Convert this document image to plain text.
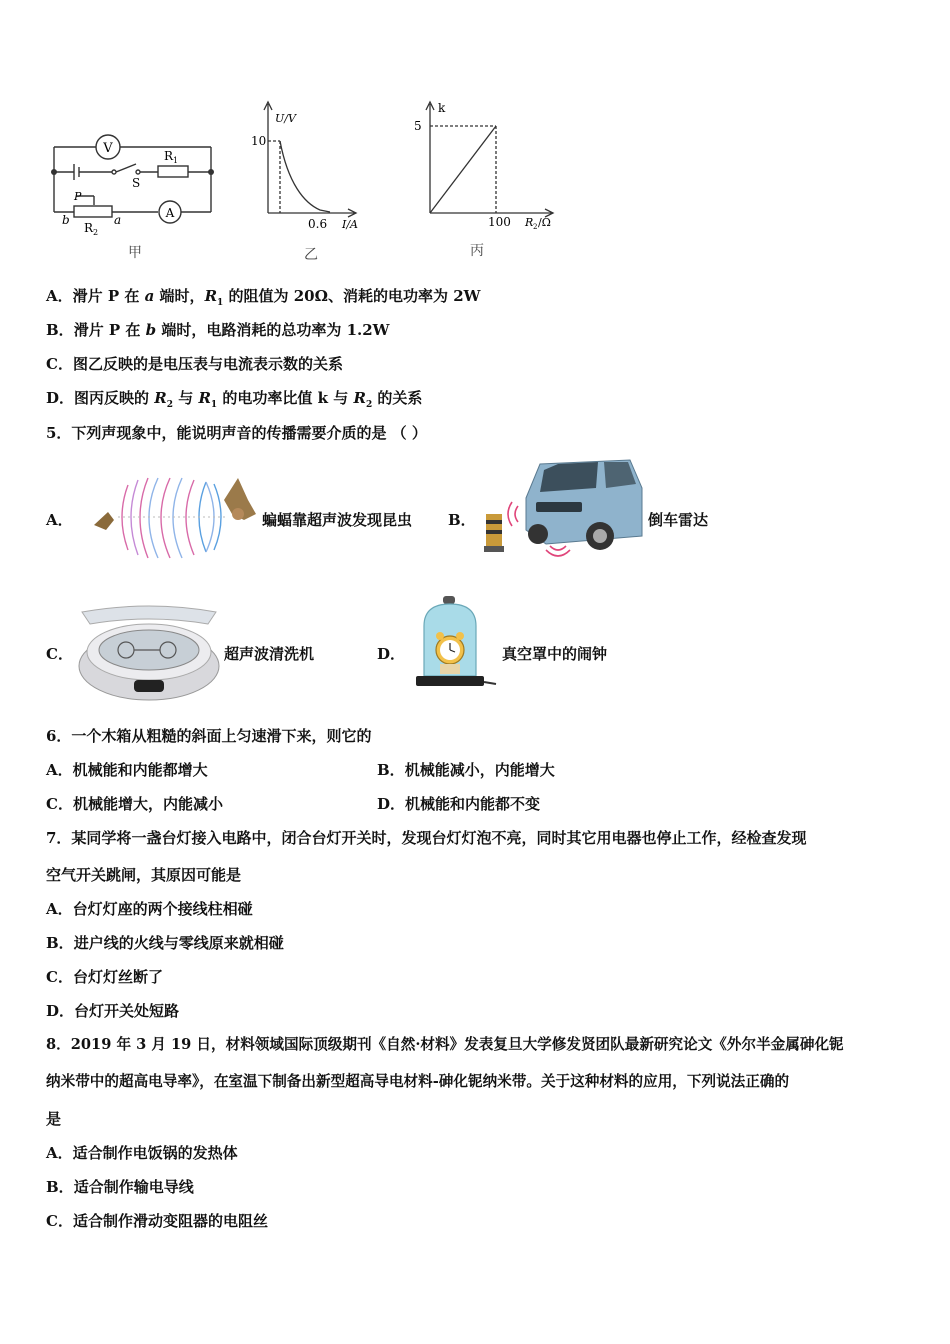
V	R 1
S
P
b	a
R 2
A
甲
U/V
10
0.6 I/A
乙
k
5
100 R 2 /Ω
丙
A．滑片 P 在 a 端时，$R_1$ 的阻值为 20Ω、消耗的电功率为 2W
B．滑片 P 在 b 端时，电路消耗的总功率为 1.2W
C．图乙反映的是电压表与电流表示数的关系
D．图丙反映的 $R_2$ 与 $R_1$ 的电功率比值 k 与 $R_2$ 的关系
5．下列声现象中，能说明声音的传播需要介质的是 （ ）
A．	蝙蝠靠超声波发现昆虫 B．	倒车雷达
C．	超声波清洗机	D．	真空罩中的闹钟
6．一个木箱从粗糙的斜面上匀速滑下来，则它的
A．机械能和内能都增大	B．机械能减小，内能增大
C．机械能增大，内能减小	D．机械能和内能都不变
7．某同学将一盏台灯接入电路中，闭合台灯开关时，发现台灯灯泡不亮，同时其它用电器也停止工作，经检查发现
空气开关跳闸，其原因可能是
A．台灯灯座的两个接线柱相碰
B．进户线的火线与零线原来就相碰
C．台灯灯丝断了
D．台灯开关处短路
8．2019 年 3 月 19 日，材料领域国际顶级期刊《自然·材料》发表复旦大学修发贤团队最新研究论文《外尔半金属砷化铌
纳米带中的超高电导率》，在室温下制备出新型超高导电材料-砷化铌纳米带。关于这种材料的应用，下列说法正确的
是
A．适合制作电饭锅的发热体
B．适合制作输电导线
C．适合制作滑动变阻器的电阻丝
